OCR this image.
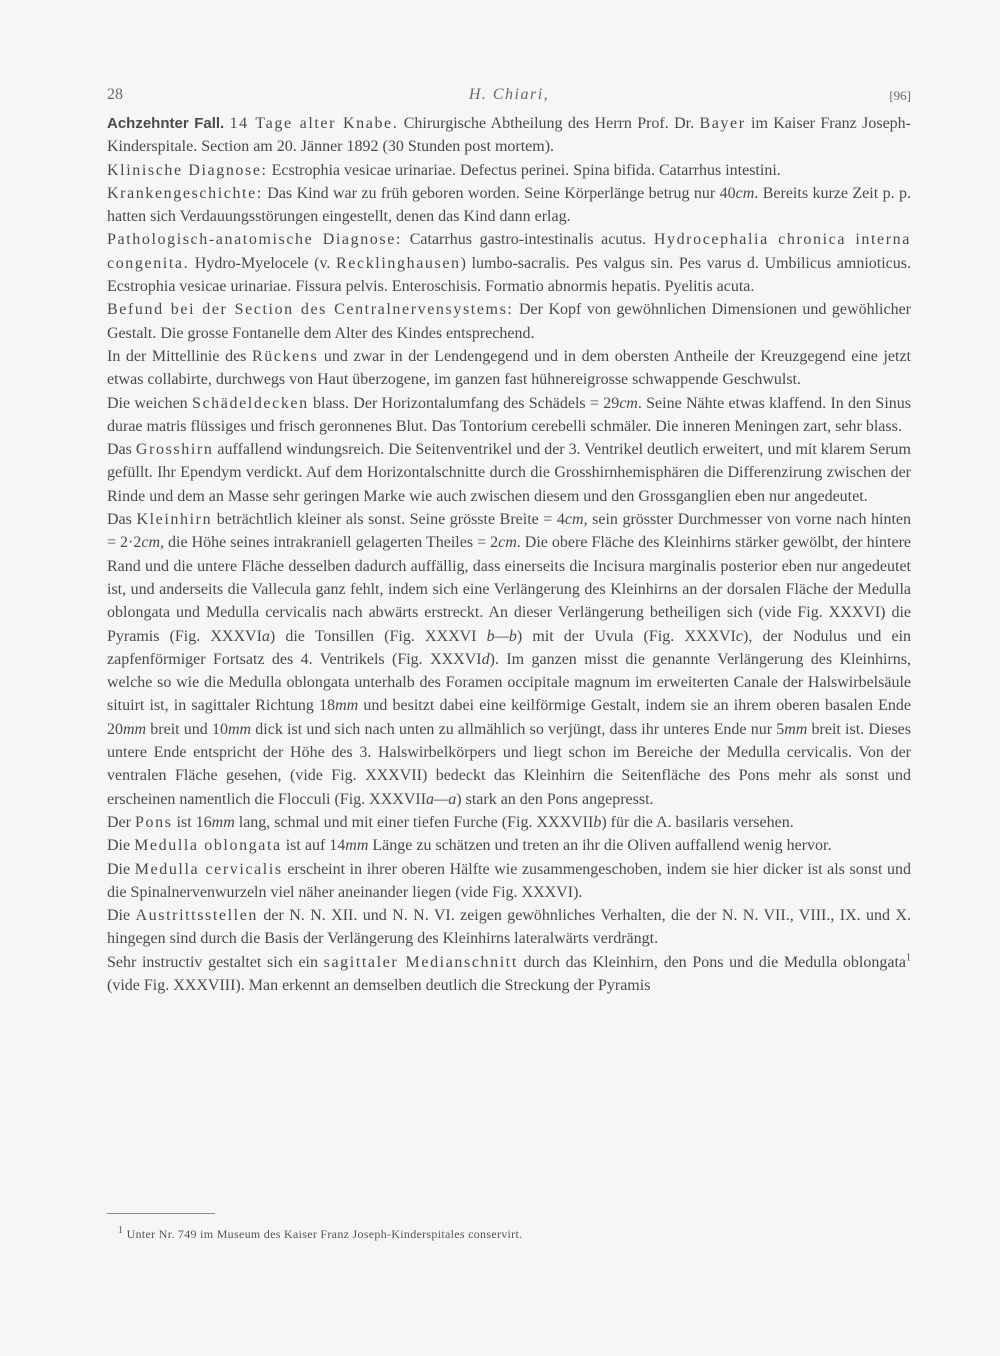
28	H. Chiari,	[96]

Achzehnter Fall. 14 Tage alter Knabe. Chirurgische Abtheilung des Herrn Prof. Dr. Bayer im Kaiser Franz Joseph-Kinderspitale. Section am 20. Jänner 1892 (30 Stunden post mortem).

Klinische Diagnose: Ecstrophia vesicae urinariae. Defectus perinei. Spina bifida. Catarrhus intestini.

Krankengeschichte: Das Kind war zu früh geboren worden. Seine Körperlänge betrug nur 40cm. Bereits kurze Zeit p. p. hatten sich Verdauungsstörungen eingestellt, denen das Kind dann erlag.

Pathologisch-anatomische Diagnose: Catarrhus gastro-intestinalis acutus. Hydrocephalia chronica interna congenita. Hydro-Myelocele (v. Recklinghausen) lumbo-sacralis. Pes valgus sin. Pes varus d. Umbilicus amnioticus. Ecstrophia vesicae urinariae. Fissura pelvis. Enteroschisis. Formatio abnormis hepatis. Pyelitis acuta.

Befund bei der Section des Centralnervensystems: Der Kopf von gewöhnlichen Dimensionen und gewöhlicher Gestalt. Die grosse Fontanelle dem Alter des Kindes entsprechend.

In der Mittellinie des Rückens und zwar in der Lendengegend und in dem obersten Antheile der Kreuzgegend eine jetzt etwas collabirte, durchwegs von Haut überzogene, im ganzen fast hühnereigrosse schwappende Geschwulst.

Die weichen Schädeldecken blass. Der Horizontalumfang des Schädels = 29cm. Seine Nähte etwas klaffend. In den Sinus durae matris flüssiges und frisch geronnenes Blut. Das Tontorium cerebelli schmäler. Die inneren Meningen zart, sehr blass.

Das Grosshirn auffallend windungsreich. Die Seitenventrikel und der 3. Ventrikel deutlich erweitert, und mit klarem Serum gefüllt. Ihr Ependym verdickt. Auf dem Horizontalschnitte durch die Grosshirnhemisphären die Differenzirung zwischen der Rinde und dem an Masse sehr geringen Marke wie auch zwischen diesem und den Grossganglien eben nur angedeutet.

Das Kleinhirn beträchtlich kleiner als sonst. Seine grösste Breite = 4cm, sein grösster Durchmesser von vorne nach hinten = 2·2cm, die Höhe seines intrakraniell gelagerten Theiles = 2cm. Die obere Fläche des Kleinhirns stärker gewölbt, der hintere Rand und die untere Fläche desselben dadurch auffällig, dass einerseits die Incisura marginalis posterior eben nur angedeutet ist, und anderseits die Vallecula ganz fehlt, indem sich eine Verlängerung des Kleinhirns an der dorsalen Fläche der Medulla oblongata und Medulla cervicalis nach abwärts erstreckt. An dieser Verlängerung betheiligen sich (vide Fig. XXXVI) die Pyramis (Fig. XXXVIa) die Tonsillen (Fig. XXXVI b—b) mit der Uvula (Fig. XXXVIc), der Nodulus und ein zapfenförmiger Fortsatz des 4. Ventrikels (Fig. XXXVId). Im ganzen misst die genannte Verlängerung des Kleinhirns, welche so wie die Medulla oblongata unterhalb des Foramen occipitale magnum im erweiterten Canale der Halswirbelsäule situirt ist, in sagittaler Richtung 18mm und besitzt dabei eine keilförmige Gestalt, indem sie an ihrem oberen basalen Ende 20mm breit und 10mm dick ist und sich nach unten zu allmählich so verjüngt, dass ihr unteres Ende nur 5mm breit ist. Dieses untere Ende entspricht der Höhe des 3. Halswirbelkörpers und liegt schon im Bereiche der Medulla cervicalis. Von der ventralen Fläche gesehen, (vide Fig. XXXVII) bedeckt das Kleinhirn die Seitenfläche des Pons mehr als sonst und erscheinen namentlich die Flocculi (Fig. XXXVIIa—a) stark an den Pons angepresst.

Der Pons ist 16mm lang, schmal und mit einer tiefen Furche (Fig. XXXVIIb) für die A. basilaris versehen.

Die Medulla oblongata ist auf 14mm Länge zu schätzen und treten an ihr die Oliven auffallend wenig hervor.

Die Medulla cervicalis erscheint in ihrer oberen Hälfte wie zusammengeschoben, indem sie hier dicker ist als sonst und die Spinalnervenwurzeln viel näher aneinander liegen (vide Fig. XXXVI).

Die Austrittsstellen der N. N. XII. und N. N. VI. zeigen gewöhnliches Verhalten, die der N. N. VII., VIII., IX. und X. hingegen sind durch die Basis der Verlängerung des Kleinhirns lateralwärts verdrängt.

Sehr instructiv gestaltet sich ein sagittaler Medianschnitt durch das Kleinhirn, den Pons und die Medulla oblongata$^1$ (vide Fig. XXXVIII). Man erkennt an demselben deutlich die Streckung der Pyramis

$^1$ Unter Nr. 749 im Museum des Kaiser Franz Joseph-Kinderspitales conservirt.
